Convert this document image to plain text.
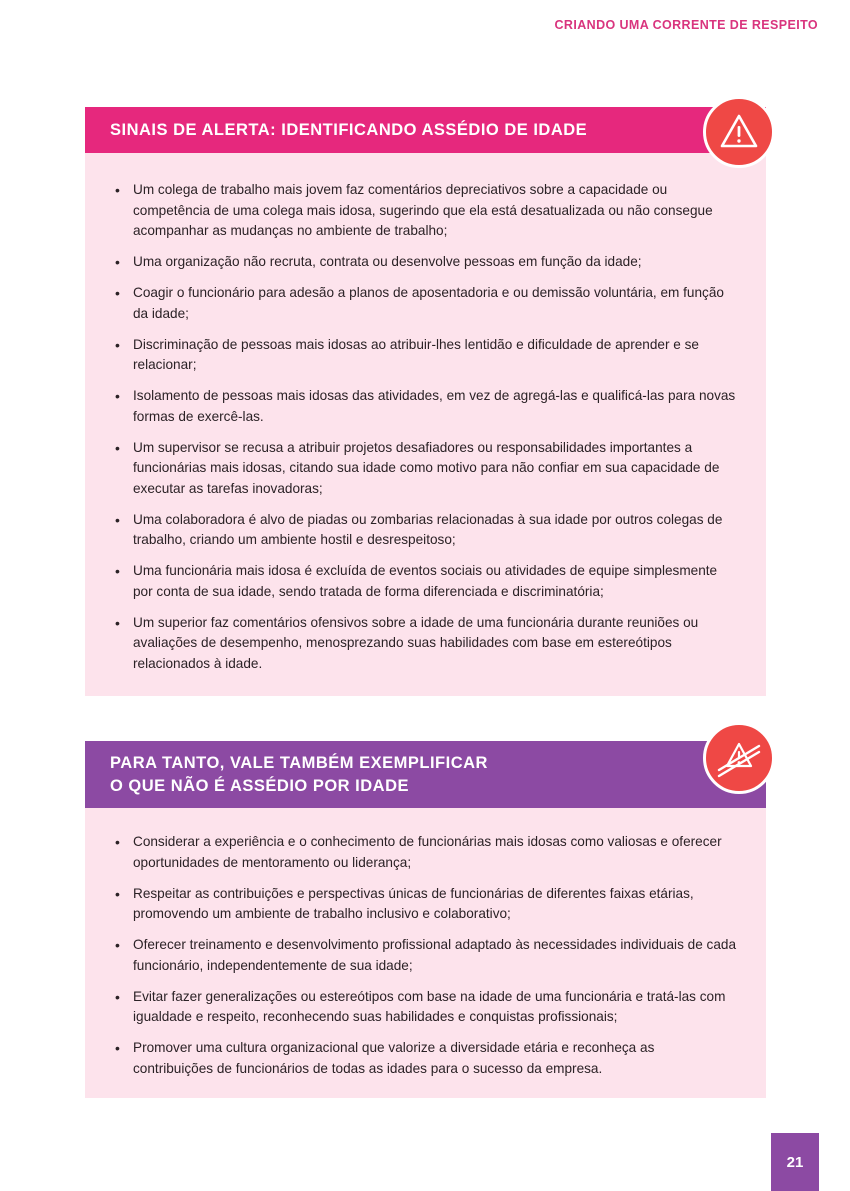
CRIANDO UMA CORRENTE DE RESPEITO
SINAIS DE ALERTA: IDENTIFICANDO ASSÉDIO DE IDADE
• Um colega de trabalho mais jovem faz comentários depreciativos sobre a capacidade ou competência de uma colega mais idosa, sugerindo que ela está desatualizada ou não consegue acompanhar as mudanças no ambiente de trabalho;
• Uma organização não recruta, contrata ou desenvolve pessoas em função da idade;
• Coagir o funcionário para adesão a planos de aposentadoria e ou demissão voluntária, em função da idade;
• Discriminação de pessoas mais idosas ao atribuir-lhes lentidão e dificuldade de aprender e se relacionar;
• Isolamento de pessoas mais idosas das atividades, em vez de agregá-las e qualificá-las para novas formas de exercê-las.
• Um supervisor se recusa a atribuir projetos desafiadores ou responsabilidades importantes a funcionárias mais idosas, citando sua idade como motivo para não confiar em sua capacidade de executar as tarefas inovadoras;
• Uma colaboradora é alvo de piadas ou zombarias relacionadas à sua idade por outros colegas de trabalho, criando um ambiente hostil e desrespeitoso;
• Uma funcionária mais idosa é excluída de eventos sociais ou atividades de equipe simplesmente por conta de sua idade, sendo tratada de forma diferenciada e discriminatória;
• Um superior faz comentários ofensivos sobre a idade de uma funcionária durante reuniões ou avaliações de desempenho, menosprezando suas habilidades com base em estereótipos relacionados à idade.
PARA TANTO, VALE TAMBÉM EXEMPLIFICAR
O QUE NÃO É ASSÉDIO POR IDADE
• Considerar a experiência e o conhecimento de funcionárias mais idosas como valiosas e oferecer oportunidades de mentoramento ou liderança;
• Respeitar as contribuições e perspectivas únicas de funcionárias de diferentes faixas etárias, promovendo um ambiente de trabalho inclusivo e colaborativo;
• Oferecer treinamento e desenvolvimento profissional adaptado às necessidades individuais de cada funcionário, independentemente de sua idade;
• Evitar fazer generalizações ou estereótipos com base na idade de uma funcionária e tratá-las com igualdade e respeito, reconhecendo suas habilidades e conquistas profissionais;
• Promover uma cultura organizacional que valorize a diversidade etária e reconheça as contribuições de funcionários de todas as idades para o sucesso da empresa.
21
